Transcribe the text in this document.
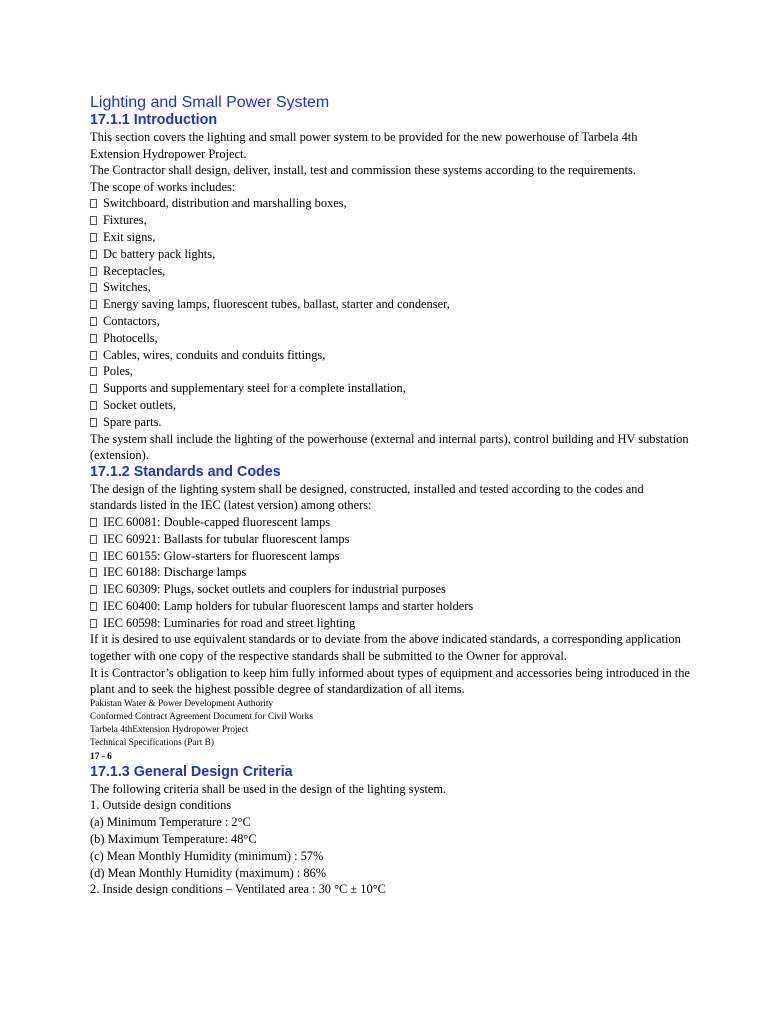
Lighting and Small Power System
17.1.1 Introduction
This section covers the lighting and small power system to be provided for the new powerhouse of Tarbela 4th Extension Hydropower Project.
The Contractor shall design, deliver, install, test and commission these systems according to the requirements.
The scope of works includes:
Switchboard, distribution and marshalling boxes,
Fixtures,
Exit signs,
Dc battery pack lights,
Receptacles,
Switches,
Energy saving lamps, fluorescent tubes, ballast, starter and condenser,
Contactors,
Photocells,
Cables, wires, conduits and conduits fittings,
Poles,
Supports and supplementary steel for a complete installation,
Socket outlets,
Spare parts.
The system shall include the lighting of the powerhouse (external and internal parts), control building and HV substation (extension).
17.1.2 Standards and Codes
The design of the lighting system shall be designed, constructed, installed and tested according to the codes and standards listed in the IEC (latest version) among others:
IEC 60081: Double-capped fluorescent lamps
IEC 60921: Ballasts for tubular fluorescent lamps
IEC 60155: Glow-starters for fluorescent lamps
IEC 60188: Discharge lamps
IEC 60309: Plugs, socket outlets and couplers for industrial purposes
IEC 60400: Lamp holders for tubular fluorescent lamps and starter holders
IEC 60598: Luminaries for road and street lighting
If it is desired to use equivalent standards or to deviate from the above indicated standards, a corresponding application together with one copy of the respective standards shall be submitted to the Owner for approval.
It is Contractor’s obligation to keep him fully informed about types of equipment and accessories being introduced in the plant and to seek the highest possible degree of standardization of all items.
Pakistan Water & Power Development Authority
Conformed Contract Agreement Document for Civil Works
Tarbela 4thExtension Hydropower Project
Technical Specifications (Part B)
17 - 6
17.1.3 General Design Criteria
The following criteria shall be used in the design of the lighting system.
1. Outside design conditions
(a) Minimum Temperature : 2°C
(b) Maximum Temperature: 48°C
(c) Mean Monthly Humidity (minimum) : 57%
(d) Mean Monthly Humidity (maximum) : 86%
2. Inside design conditions – Ventilated area : 30 °C ± 10°C
